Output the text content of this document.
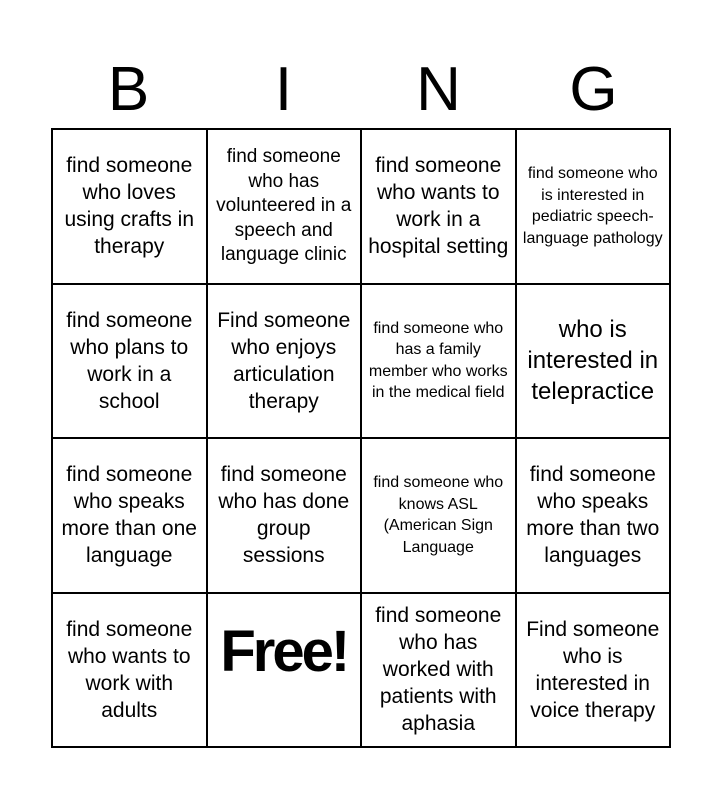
B	I	N	G
find someone who loves using crafts in therapy
find someone who has volunteered in a speech and language clinic
find someone who wants to work in a hospital setting
find someone who is interested in pediatric speech-language pathology
find someone who plans to work in a school
Find someone who enjoys articulation therapy
find someone who has a family member who works in the medical field
who is interested in telepractice
find someone who speaks more than one language
find someone who has done group sessions
find someone who knows ASL (American Sign Language
find someone who speaks more than two languages
find someone who wants to work with adults
Free!
find someone who has worked with patients with aphasia
Find someone who is interested in voice therapy
